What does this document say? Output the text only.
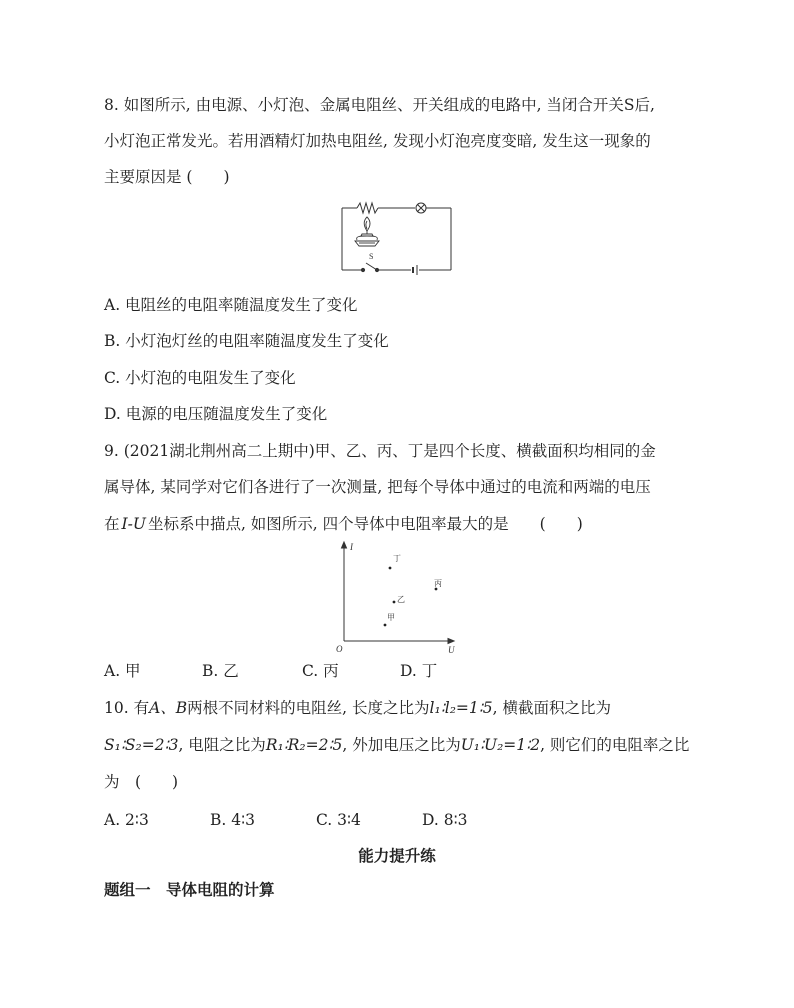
8. 如图所示, 由电源、小灯泡、金属电阻丝、开关组成的电路中, 当闭合开关S后,
小灯泡正常发光。若用酒精灯加热电阻丝, 发现小灯泡亮度变暗, 发生这一现象的
主要原因是 (　　)
S
A. 电阻丝的电阻率随温度发生了变化
B. 小灯泡灯丝的电阻率随温度发生了变化
C. 小灯泡的电阻发生了变化
D. 电源的电压随温度发生了变化
9. (2021湖北荆州高二上期中)甲、乙、丙、丁是四个长度、横截面积均相同的金
属导体, 某同学对它们各进行了一次测量, 把每个导体中通过的电流和两端的电压
在 I-U 坐标系中描点, 如图所示, 四个导体中电阻率最大的是　　(　　)
I
U
O
丁
丙
乙
甲
A. 甲	B. 乙	C. 丙	D. 丁
10. 有A、B两根不同材料的电阻丝, 长度之比为l₁∶l₂=1∶5, 横截面积之比为
S₁∶S₂=2∶3, 电阻之比为R₁∶R₂=2∶5, 外加电压之比为U₁∶U₂=1∶2, 则它们的电阻率之比
为　(　　)
A. 2∶3	B. 4∶3	C. 3∶4	D. 8∶3
能力提升练
题组一　导体电阻的计算
